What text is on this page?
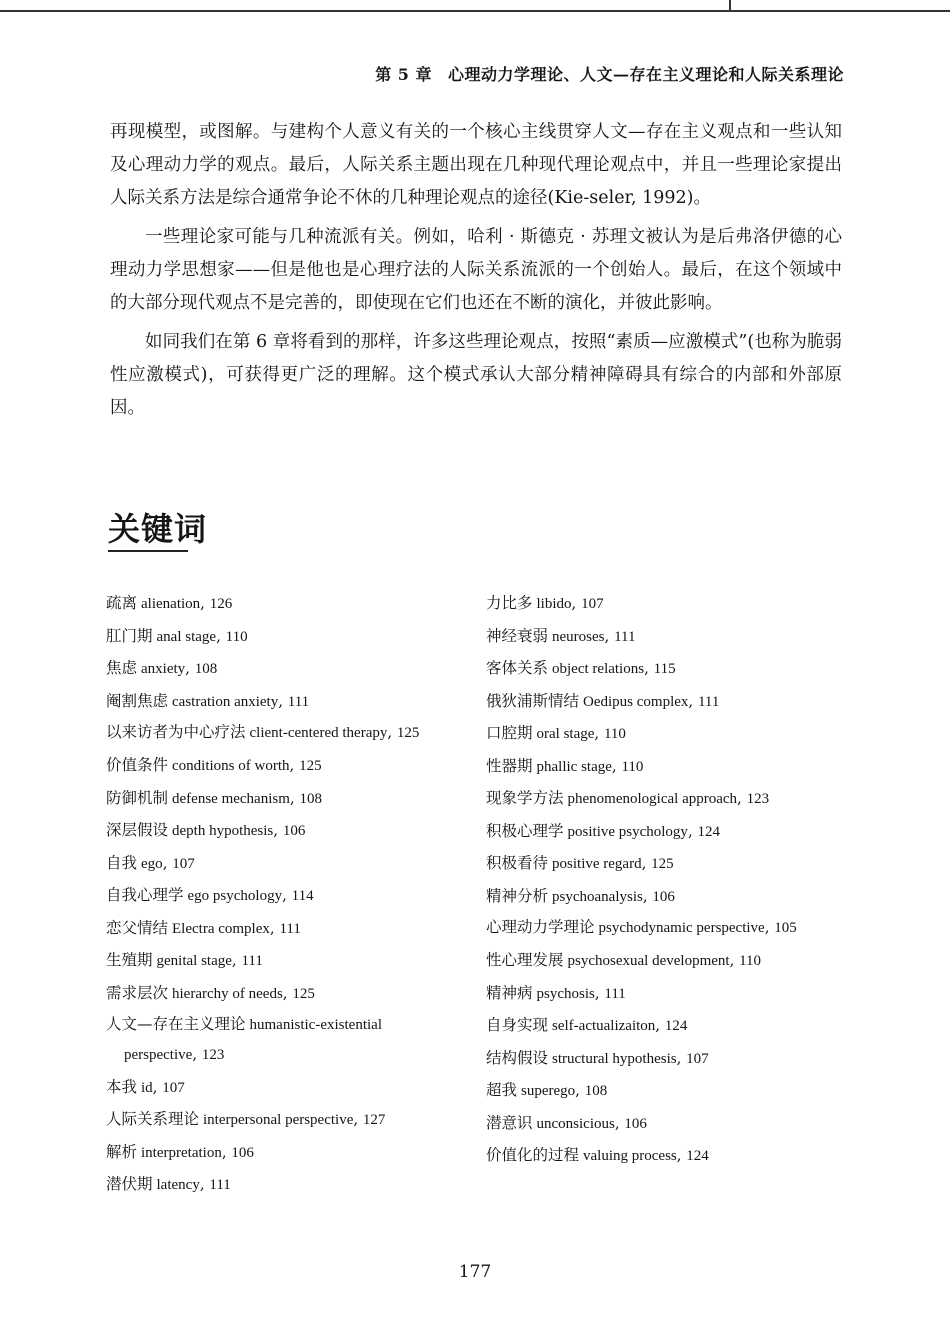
第 5 章 心理动力学理论、人文—存在主义理论和人际关系理论

再现模型，或图解。与建构个人意义有关的一个核心主线贯穿人文—存在主义观点和一些认知及心理动力学的观点。最后，人际关系主题出现在几种现代理论观点中，并且一些理论家提出人际关系方法是综合通常争论不休的几种理论观点的途径(Kie-seler, 1992)。

一些理论家可能与几种流派有关。例如，哈利 · 斯德克 · 苏理文被认为是后弗洛伊德的心理动力学思想家——但是他也是心理疗法的人际关系流派的一个创始人。最后，在这个领域中的大部分现代观点不是完善的，即使现在它们也还在不断的演化，并彼此影响。

如同我们在第 6 章将看到的那样，许多这些理论观点，按照“素质—应激模式”(也称为脆弱性应激模式)，可获得更广泛的理解。这个模式承认大部分精神障碍具有综合的内部和外部原因。

关键词
疏离 alienation, 126
肛门期 anal stage, 110
焦虑 anxiety, 108
阉割焦虑 castration anxiety, 111
以来访者为中心疗法 client-centered therapy, 125
价值条件 conditions of worth, 125
防御机制 defense mechanism, 108
深层假设 depth hypothesis, 106
自我 ego, 107
自我心理学 ego psychology, 114
恋父情结 Electra complex, 111
生殖期 genital stage, 111
需求层次 hierarchy of needs, 125
人文—存在主义理论 humanistic-existential perspective, 123
本我 id, 107
人际关系理论 interpersonal perspective, 127
解析 interpretation, 106
潜伏期 latency, 111
力比多 libido, 107
神经衰弱 neuroses, 111
客体关系 object relations, 115
俄狄浦斯情结 Oedipus complex, 111
口腔期 oral stage, 110
性器期 phallic stage, 110
现象学方法 phenomenological approach, 123
积极心理学 positive psychology, 124
积极看待 positive regard, 125
精神分析 psychoanalysis, 106
心理动力学理论 psychodynamic perspective, 105
性心理发展 psychosexual development, 110
精神病 psychosis, 111
自身实现 self-actualizaiton, 124
结构假设 structural hypothesis, 107
超我 superego, 108
潜意识 unconsicious, 106
价值化的过程 valuing process, 124
177
